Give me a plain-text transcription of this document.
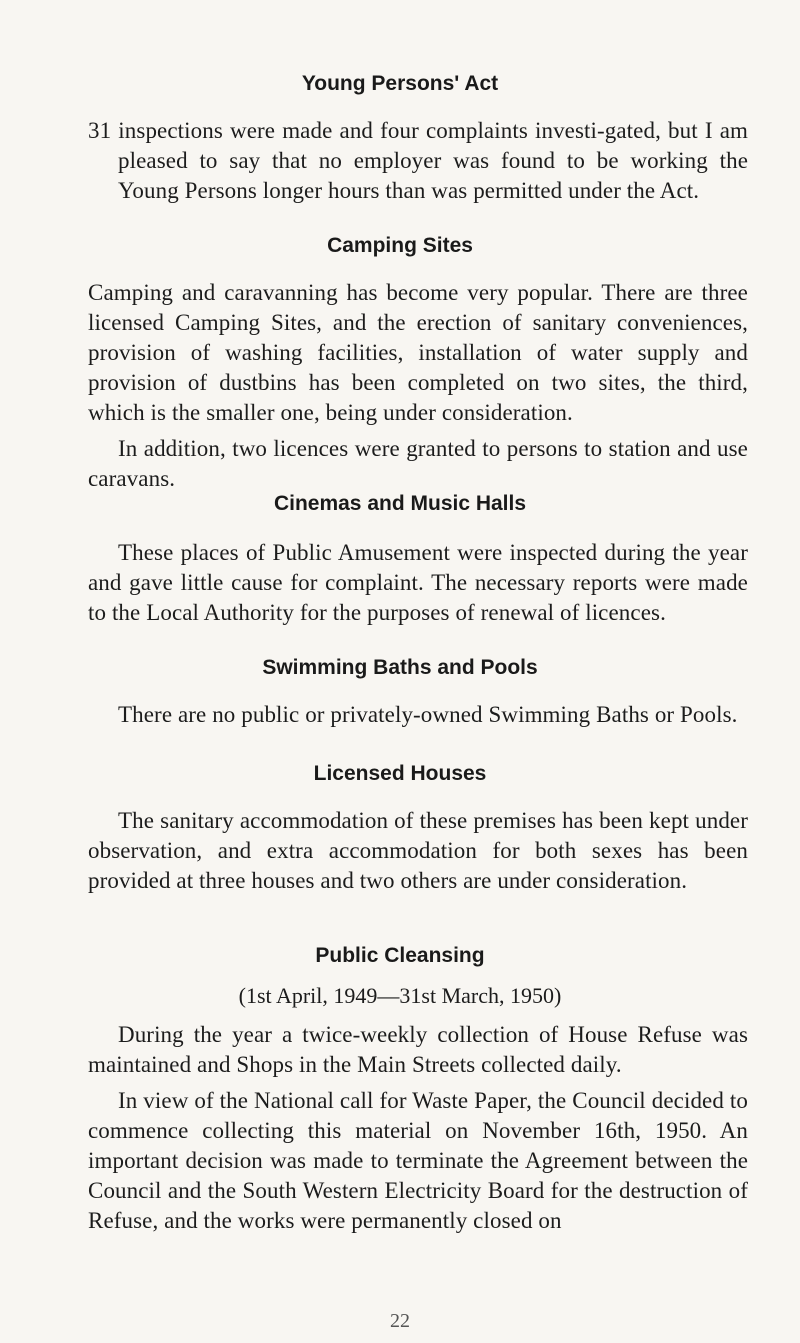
Young Persons' Act

31 inspections were made and four complaints investi-gated, but I am pleased to say that no employer was found to be working the Young Persons longer hours than was permitted under the Act.

Camping Sites

Camping and caravanning has become very popular. There are three licensed Camping Sites, and the erection of sanitary conveniences, provision of washing facilities, installation of water supply and provision of dustbins has been completed on two sites, the third, which is the smaller one, being under consideration.

In addition, two licences were granted to persons to station and use caravans.

Cinemas and Music Halls

These places of Public Amusement were inspected during the year and gave little cause for complaint. The necessary reports were made to the Local Authority for the purposes of renewal of licences.

Swimming Baths and Pools

There are no public or privately-owned Swimming Baths or Pools.

Licensed Houses

The sanitary accommodation of these premises has been kept under observation, and extra accommodation for both sexes has been provided at three houses and two others are under consideration.

Public Cleansing
(1st April, 1949—31st March, 1950)

During the year a twice-weekly collection of House Refuse was maintained and Shops in the Main Streets collected daily.

In view of the National call for Waste Paper, the Council decided to commence collecting this material on November 16th, 1950. An important decision was made to terminate the Agreement between the Council and the South Western Electricity Board for the destruction of Refuse, and the works were permanently closed on

22
